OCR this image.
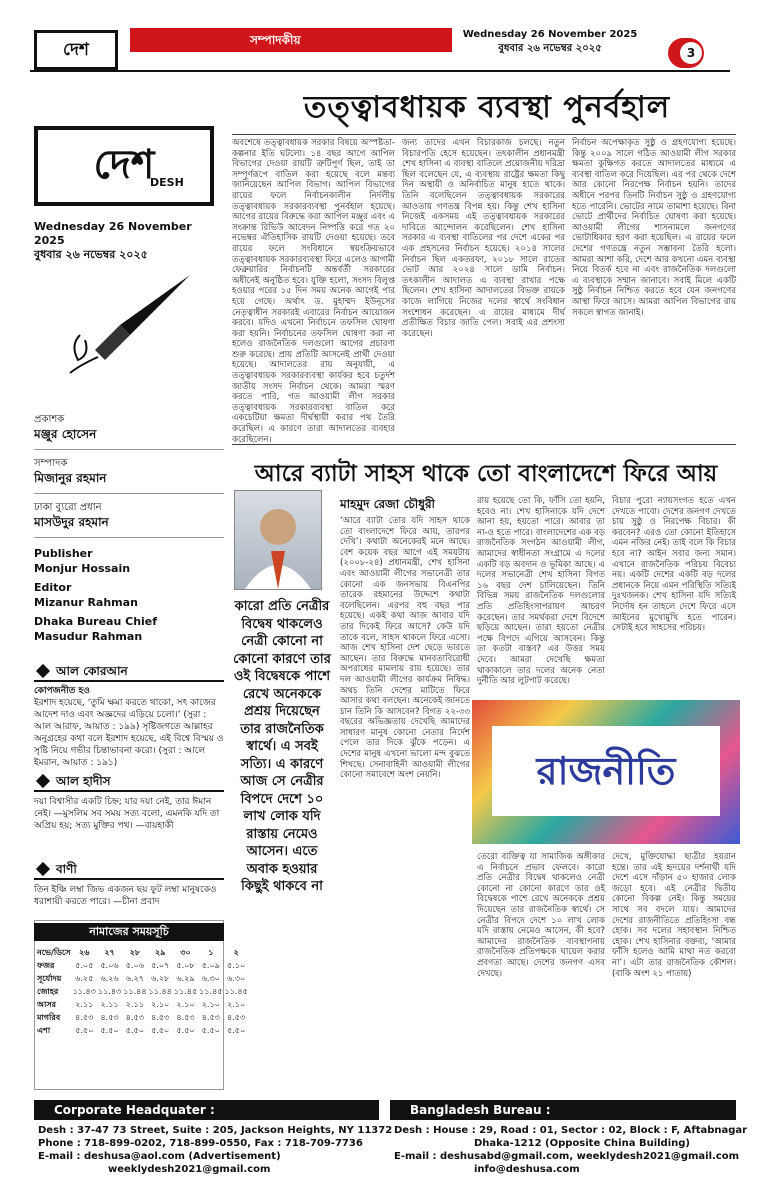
দেশ	সম্পাদকীয়	Wednesday 26 November 2025
বুধবার ২৬ নভেম্বর ২০২৫	3
দেশ
DESH
Wednesday 26 November 2025
বুধবার ২৬ নভেম্বর ২০২৫
প্রকাশক
মঞ্জুর হোসেন
সম্পাদক
মিজানুর রহমান
ঢাকা ব্যুরো প্রধান
মাসউদুর রহমান
Publisher
Monjur Hossain
Editor
Mizanur Rahman
Dhaka Bureau Chief
Masudur Rahman
আল কোরআন
কোপজনীত হও
ইরশাদ হয়েছে, ‘তুমি ক্ষমা করতে থাকো, সৎ কাজের আদেশ দাও এবং অজ্ঞদের এড়িয়ে চলো।’ (সুরা : আল আরাফ, আয়াত : ১৯৯) সৃষ্টিজগতে আল্লাহর অনুগ্রহের কথা বলে ইরশাদ হয়েছে, এই বিশ্বে বিস্ময় ও সৃষ্টি নিয়ে গভীর চিন্তাভাবনা করো। (সুরা : আলে ইমরান, আয়াত : ১৯১)
আল হাদীস
দয়া বিশ্বাসীর একটি চিহ্ন; যার দয়া নেই, তার ঈমান নেই। —মুসলিম সব সময় সত্য বলো, এমনকি যদি তা অপ্রিয় হয়; সত্য মুক্তির পথ। —বায়হাকী
বাণী
তিন ইঞ্চি লম্বা জিভ একজন ছয় ফুট লম্বা মানুষকেও ধরাশায়ী করতে পারে। —চীনা প্রবাদ
নামাজের সময়সূচি
নভে/ডিসে	২৬	২৭	২৮	২৯	৩০	১	২
ফজর	৫.০৫	৫.০৬	৫.০৬	৫.০৭	৫.০৮	৫.০৯	৫.১০
সূর্যোদয়	৬.২৫	৬.২৬	৬.২৭	৬.২৮	৬.২৯	৬.৩০	৬.৩০
জোহর	১১.৪৩	১১.৪৩	১১.৪৪	১১.৪৪	১১.৪৫	১১.৪৫	১১.৪৫
আসর	২.১১	২.১১	২.১১	২.১০	২.১০	২.১০	২.১০
মাগরিব	৪.৫৩	৪.৫৩	৪.৫৩	৪.৫৩	৪.৫৩	৪.৫৩	৪.৫৩
এশা	৫.৫০	৫.৫০	৫.৫০	৫.৫০	৫.৫০	৫.৫০	৫.৫০
তত্ত্বাবধায়ক ব্যবস্থা পুনর্বহাল
অবশেষে তত্ত্বাবধায়ক সরকার বিষয়ে অস্পষ্টতা-কল্পনার ইতি ঘটলো। ১৪ বছর আগে আপিল বিভাগের দেওয়া রায়টি ত্রুটিপূর্ণ ছিল, তাই তা সম্পূর্ণরূপে বাতিল করা হয়েছে বলে মন্তব্য জানিয়েছেন আপিল বিভাগ। আপিল বিভাগের রায়ের ফলে নির্বাচনকালীন নির্দলীয় তত্ত্বাবধায়ক সরকারব্যবস্থা পুনর্বহাল হয়েছে। আগের রায়ের বিরুদ্ধে করা আপিল মঞ্জুর এবং এ সংক্রান্ত রিভিউ আবেদন নিষ্পত্তি করে গত ২০ নভেম্বর ঐতিহাসিক রায়টি দেওয়া হয়েছে। তবে রায়ের ফলে সংবিধানে স্বয়ংক্রিয়ভাবে তত্ত্বাবধায়ক সরকারব্যবস্থা ফিরে এলেও আগামী ফেব্রুয়ারির নির্বাচনটি অন্তর্বর্তী সরকারের অধীনেই অনুষ্ঠিত হবে। যুক্তি হলো, সংসদ বিলুপ্ত হওয়ার পরের ১৫ দিন সময় অনেক আগেই পার হয়ে গেছে। অর্থাৎ ড. মুহাম্মদ ইউনূসের নেতৃত্বাধীন সরকারই এবারের নির্বাচন আয়োজন করবে। যদিও এখনো নির্বাচনে তফসিল ঘোষণা করা হয়নি। নির্বাচনের তফসিল ঘোষণা করা না হলেও রাজনৈতিক দলগুলো আগের প্রচারণা শুরু করেছে। প্রায় প্রতিটি আসনেই প্রার্থী দেওয়া হয়েছে। আদালতের রায় অনুযায়ী, এ তত্ত্বাবধায়ক সরকারব্যবস্থা কার্যকর হবে চতুর্দশ জাতীয় সংসদ নির্বাচন থেকে। আমরা স্মরণ করতে পারি, গত আওয়ামী লীগ সরকার তত্ত্বাবধায়ক সরকারব্যবস্থা বাতিল করে একচেটিয়া ক্ষমতা দীর্ঘস্থায়ী করার পথ তৈরি করেছিল। এ কারণে তারা আদালতের ব্যবহার করেছিলেন।
জন্য তাদের এখন বিচারকাজ চলছে। নতুন বিচারপতি হেসে হয়েছেন। তৎকালীন প্রধানমন্ত্রী শেখ হাসিনা এ ব্যবস্থা বাতিলে প্রয়োজনীয় দরিদ্রা ছিল বলেছেন যে, এ ব্যবস্থায় রাষ্ট্রের ক্ষমতা কিছু দিন অস্থায়ী ও অনির্বাচিত মানুষ হাতে থাকে। তিনি বলেছিলেন তত্ত্বাবধায়ক সরকারের আওতায় গণতন্ত্র বিপন্ন হয়। কিন্তু শেখ হাসিনা নিজেই একসময় এই তত্ত্বাবধায়ক সরকারের দাবিতে আন্দোলন করেছিলেন। শেখ হাসিনা সরকার এ ব্যবস্থা বাতিলের পর দেশে একের পর এক প্রহসনের নির্বাচন হয়েছে। ২০১৪ সালের নির্বাচন ছিল একতরফা, ২০১৮ সালে রাতের ভোট আর ২০২৪ সালে ডামি নির্বাচন। তৎকালীন আদালত এ ব্যবস্থা রাখার পক্ষে ছিলেন। শেখ হাসিনা আদালতের বিভক্ত রায়কে কাজে লাগিয়ে নিজের দলের স্বার্থে সংবিধান সংশোধন করেছেন। এ রায়ের মাধ্যমে দীর্ঘ প্রতীক্ষিত বিচার জাতি পেল। সবাই এর প্রশংসা করেছেন।
নির্বাচন অপেক্ষাকৃত সুষ্ঠু ও গ্রহণযোগ্য হয়েছে। কিন্তু ২০০৯ সালে গঠিত আওয়ামী লীগ সরকার ক্ষমতা কুক্ষিগত করতে আদালতের মাধ্যমে এ ব্যবস্থা বাতিল করে দিয়েছিল। এর পর থেকে দেশে আর কোনো নিরপেক্ষ নির্বাচন হয়নি। তাদের অধীনে পরপর তিনটি নির্বাচন সুষ্ঠু ও গ্রহণযোগ্য হতে পারেনি। ভোটের নামে তামাশা হয়েছে। বিনা ভোটে প্রার্থীদের নির্বাচিত ঘোষণা করা হয়েছে। আওয়ামী লীগের শাসনামলে জনগণের ভোটাধিকার হরণ করা হয়েছিল। এ রায়ের ফলে দেশের গণতন্ত্রে নতুন সম্ভাবনা তৈরি হলো। আমরা আশা করি, দেশে আর কখনো এমন ব্যবস্থা নিয়ে বিতর্ক হবে না এবং রাজনৈতিক দলগুলো এ ব্যবস্থাকে সম্মান জানাবে। সবাই মিলে একটি সুষ্ঠু নির্বাচন নিশ্চিত করতে হবে যেন জনগণের আস্থা ফিরে আসে। আমরা আপিল বিভাগের রায় সকলে স্বাগত জানাই।
আরে ব্যাটা সাহস থাকে তো বাংলাদেশে ফিরে আয়
কারো প্রতি নেত্রীর বিদ্বেষ থাকলেও নেত্রী কোনো না কোনো কারণে তার ওই বিদ্বেষকে পাশে রেখে অনেককে প্রশ্রয় দিয়েছেন তার রাজনৈতিক স্বার্থে। এ সবই সত্যি। এ কারণে আজ সে নেত্রীর বিপদে দেশে ১০ লাখ লোক যদি রাস্তায় নেমেও আসেন। এতে অবাক হওয়ার কিছুই থাকবে না
মাহমুদ রেজা চৌধুরী
‘আরে ব্যাটা তোর যদি সাহস থাকে তো বাংলাদেশে ফিরে আয়, তারপর দেখি’। কথাটা অনেকেরই মনে আছে। বেশ কয়েক বছর আগে এই সময়টায় (২০০৮-২৪) প্রধানমন্ত্রী, শেখ হাসিনা এবং আওয়ামী লীগের সভানেত্রী তার কোনো এক জনসভায় বিএনপির তারেক রহমানের উদ্দেশে কথাটা বলেছিলেন। এরপর বহু বছর পার হয়েছে। একই কথা আজ আবার যদি তার দিকেই ফিরে আসে? কেউ যদি তাকে বলে, সাহস থাকলে ফিরে এসো। আজ শেখ হাসিনা দেশ ছেড়ে ভারতে আছেন। তার বিরুদ্ধে মানবতাবিরোধী অপরাধের মামলায় রায় হয়েছে। তার দল আওয়ামী লীগের কার্যক্রম নিষিদ্ধ। অথচ তিনি দেশের মাটিতে ফিরে আসার কথা বলছেন। অনেকেই জানতে চান তিনি কি আসবেন? বিগত ২২-৩৩ বছরের অভিজ্ঞতায় দেখেছি আমাদের সাধারণ মানুষ কোনো নেতার নির্দেশ পেলে তার দিকে ঝুঁকে পড়েন। এ দেশের মানুষ এখনো ভালো মন্দ বুঝতে শিখছে। সেনাবাহিনী আওয়ামী লীগের কোনো সমাবেশে অংশ নেয়নি।
রায় হয়েছে তো কি, ফাঁসি তো হয়নি, হবেও না। শেখ হাসিনাকে যদি দেশে আনা হয়, হয়তো পারে। আবার তা না-ও হতে পারে। বাংলাদেশের এক বড় রাজনৈতিক সংগঠন আওয়ামী লীগ, আমাদের স্বাধীনতা সংগ্রামে এ দলের একটি বড় অবদান ও ভূমিকা আছে। এ দলের সভানেত্রী শেখ হাসিনা বিগত ১৬ বছর দেশ চালিয়েছেন। তিনি বিভিন্ন সময় রাজনৈতিক দলগুলোর প্রতি প্রতিহিংসাপরায়ণ আচরণ করেছেন। তার সমর্থকরা দেশে বিদেশে ছড়িয়ে আছেন। তারা হয়তো নেত্রীর পক্ষে বিপদে এগিয়ে আসবেন। কিন্তু তা কতটা বাস্তব? এর উত্তর সময় দেবে। আমরা দেখেছি ক্ষমতা থাকাকালে তার দলের অনেক নেতা দুর্নীতি আর লুটপাট করেছে।
বিচার পুরো ন্যায়সংগত হতে এখন দেখতে পাবো। দেশের জনগণ দেখতে চায় সুষ্ঠু ও নিরপেক্ষ বিচার। কী করবেন? এরও তো কোনো ইতিহাসে এমন নজির নেই। তাই বলে কি বিচার হবে না? আইন সবার জন্য সমান। এখানে রাজনৈতিক পরিচয় বিবেচ্য নয়। একটি দেশের একটি বড় দলের প্রধানকে নিয়ে এমন পরিস্থিতি সত্যিই দুঃখজনক। শেখ হাসিনা যদি সত্যিই নির্দোষ হন তাহলে দেশে ফিরে এসে আইনের মুখোমুখি হতে পারেন। সেটাই হবে সাহসের পরিচয়।
রাজনীতি
তেরো ব্যক্তিত্ব যা সামাজিক অঙ্গীকার এ নির্বাচনে প্রভাব ফেলবে। কারো প্রতি নেত্রীর বিদ্বেষ থাকলেও নেত্রী কোনো না কোনো কারণে তার ওই বিদ্বেষকে পাশে রেখে অনেককে প্রশ্রয় দিয়েছেন তার রাজনৈতিক স্বার্থে। সে নেত্রীর বিপদে দেশে ১০ লাখ লোক যদি রাস্তায় নেমেও আসেন, কী হবে? আমাদের রাজনৈতিক ব্যবস্থাপনায় রাজনৈতিক প্রতিপক্ষকে ঘায়েল করার প্রবণতা আছে। দেশের জনগণ এসব দেখছে।
দেখে, মুক্তিযোদ্ধা ছাত্রীর হয়রান হন্তে। তার এই হৃদয়ের দর্শনার্থী যদি দেশে এসে দাঁড়ান ৫০ হাজার লোক জড়ো হবে। এই নেত্রীর দ্বিতীয় কোনো বিকল্প নেই। কিন্তু সময়ের সাথে সব বদলে যায়। আমাদের দেশের রাজনীতিতে প্রতিহিংসা বন্ধ হোক। সব দলের সহাবস্থান নিশ্চিত হোক। শেখ হাসিনার বক্তব্য, ‘আমার ফাঁসি হলেও আমি মাথা নত করবো না’। এটা তার রাজনৈতিক কৌশল। (বাকি অংশ ২১ পাতায়)
Corporate Headquater :
Desh : 37-47 73 Street, Suite : 205, Jackson Heights, NY 11372
Phone : 718-899-0202, 718-899-0550, Fax : 718-709-7736
E-mail : deshusa@aol.com (Advertisement)
weeklydesh2021@gmail.com
Bangladesh Bureau :
Desh : House : 29, Road : 01, Sector : 02, Block : F, Aftabnagar
Dhaka-1212 (Opposite China Building)
E-mail : deshusabd@gmail.com, weeklydesh2021@gmail.com
info@deshusa.com
